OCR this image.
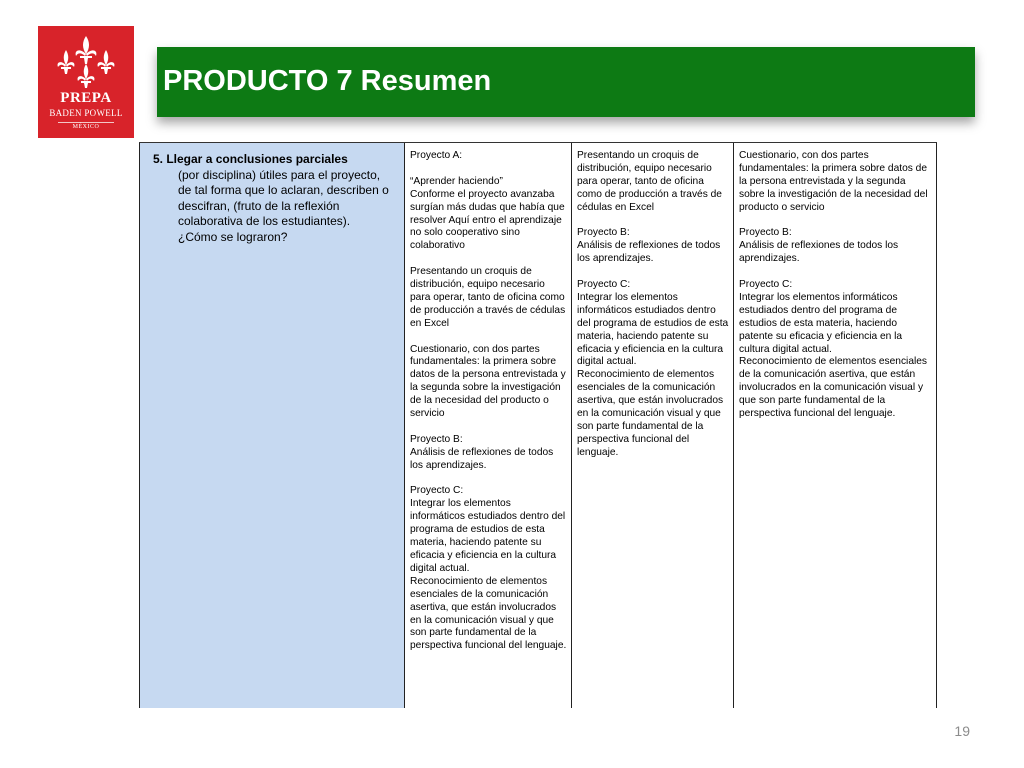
PREPA
BADEN POWELL
MÉXICO
PRODUCTO 7 Resumen
5. Llegar a conclusiones parciales
(por disciplina) útiles para el proyecto, de tal forma que lo aclaran, describen o descifran, (fruto de la reflexión colaborativa de los estudiantes).
¿Cómo se lograron?

Proyecto A:

“Aprender haciendo”
Conforme el proyecto avanzaba surgían más dudas que había que resolver Aquí entro el aprendizaje no solo cooperativo sino colaborativo

Presentando un croquis de distribución, equipo necesario para operar, tanto de oficina como de producción a través de cédulas en Excel

Cuestionario, con dos partes fundamentales: la primera sobre datos de la persona entrevistada y la segunda sobre la investigación de la necesidad del producto o servicio

Proyecto B:
Análisis de reflexiones de todos los aprendizajes.

Proyecto C:
Integrar los elementos informáticos estudiados dentro del programa de estudios de esta materia, haciendo patente su eficacia y eficiencia en la cultura digital actual.
Reconocimiento de elementos esenciales de la comunicación asertiva, que están involucrados en la comunicación visual y que son parte fundamental de la perspectiva funcional del lenguaje.

Presentando un croquis de distribución, equipo necesario para operar, tanto de oficina como de producción a través de cédulas en Excel

Proyecto B:
Análisis de reflexiones de todos los aprendizajes.

Proyecto C:
Integrar los elementos informáticos estudiados dentro del programa de estudios de esta materia, haciendo patente su eficacia y eficiencia en la cultura digital actual.
Reconocimiento de elementos esenciales de la comunicación asertiva, que están involucrados en la comunicación visual y que son parte fundamental de la perspectiva funcional del lenguaje.

Cuestionario, con dos partes fundamentales: la primera sobre datos de la persona entrevistada y la segunda sobre la investigación de la necesidad del producto o servicio

Proyecto B:
Análisis de reflexiones de todos los aprendizajes.

Proyecto C:
Integrar los elementos informáticos estudiados dentro del programa de estudios de esta materia, haciendo patente su eficacia y eficiencia en la cultura digital actual.
Reconocimiento de elementos esenciales de la comunicación asertiva, que están involucrados en la comunicación visual y que son parte fundamental de la perspectiva funcional del lenguaje.

19
